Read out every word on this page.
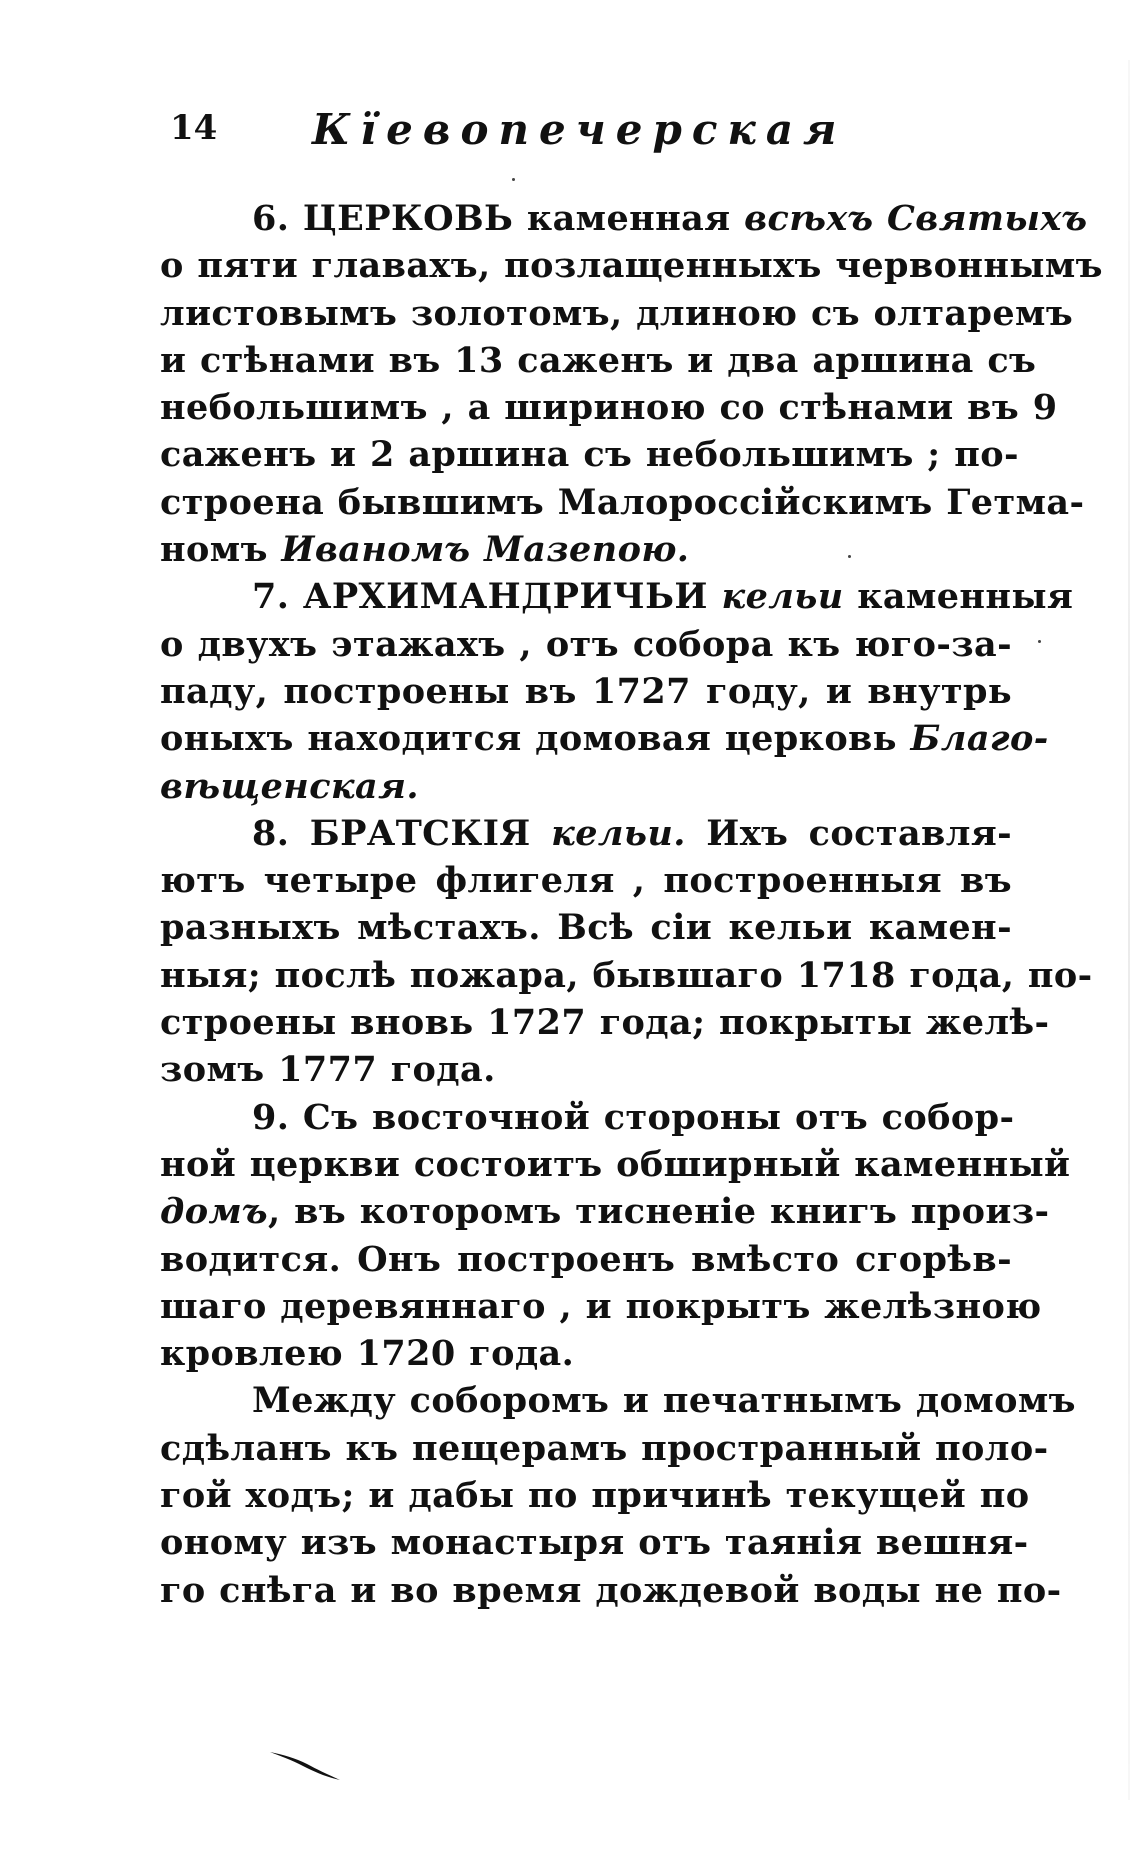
14 Кїевопечерская
6. ЦЕРКОВЬ каменная всѣхъ Святыхъ
о пяти главахъ, позлащенныхъ червоннымъ
листовымъ золотомъ, длиною съ олтаремъ
и стѣнами въ 13 саженъ и два аршина съ
небольшимъ , а шириною со стѣнами въ 9
саженъ и 2 аршина съ небольшимъ ; по-
строена бывшимъ Малороссійскимъ Гетма-
номъ Иваномъ Мазепою.
7. АРХИМАНДРИЧЬИ кельи каменныя
о двухъ этажахъ , отъ собора къ юго-за-
паду, построены въ 1727 году, и внутрь
оныхъ находится домовая церковь Благо-
вѣщенская.
8. БРАТСКІЯ кельи. Ихъ составля-
ютъ четыре флигеля , построенныя въ
разныхъ мѣстахъ. Всѣ сіи кельи камен-
ныя; послѣ пожара, бывшаго 1718 года, по-
строены вновь 1727 года; покрыты желѣ-
зомъ 1777 года.
9. Съ восточной стороны отъ собор-
ной церкви состоитъ обширный каменный
домъ, въ которомъ тисненіе книгъ произ-
водится. Онъ построенъ вмѣсто сгорѣв-
шаго деревяннаго , и покрытъ желѣзною
кровлею 1720 года.
Между соборомъ и печатнымъ домомъ
сдѣланъ къ пещерамъ пространный поло-
гой ходъ; и дабы по причинѣ текущей по
оному изъ монастыря отъ таянія вешня-
го снѣга и во время дождевой воды не по-
